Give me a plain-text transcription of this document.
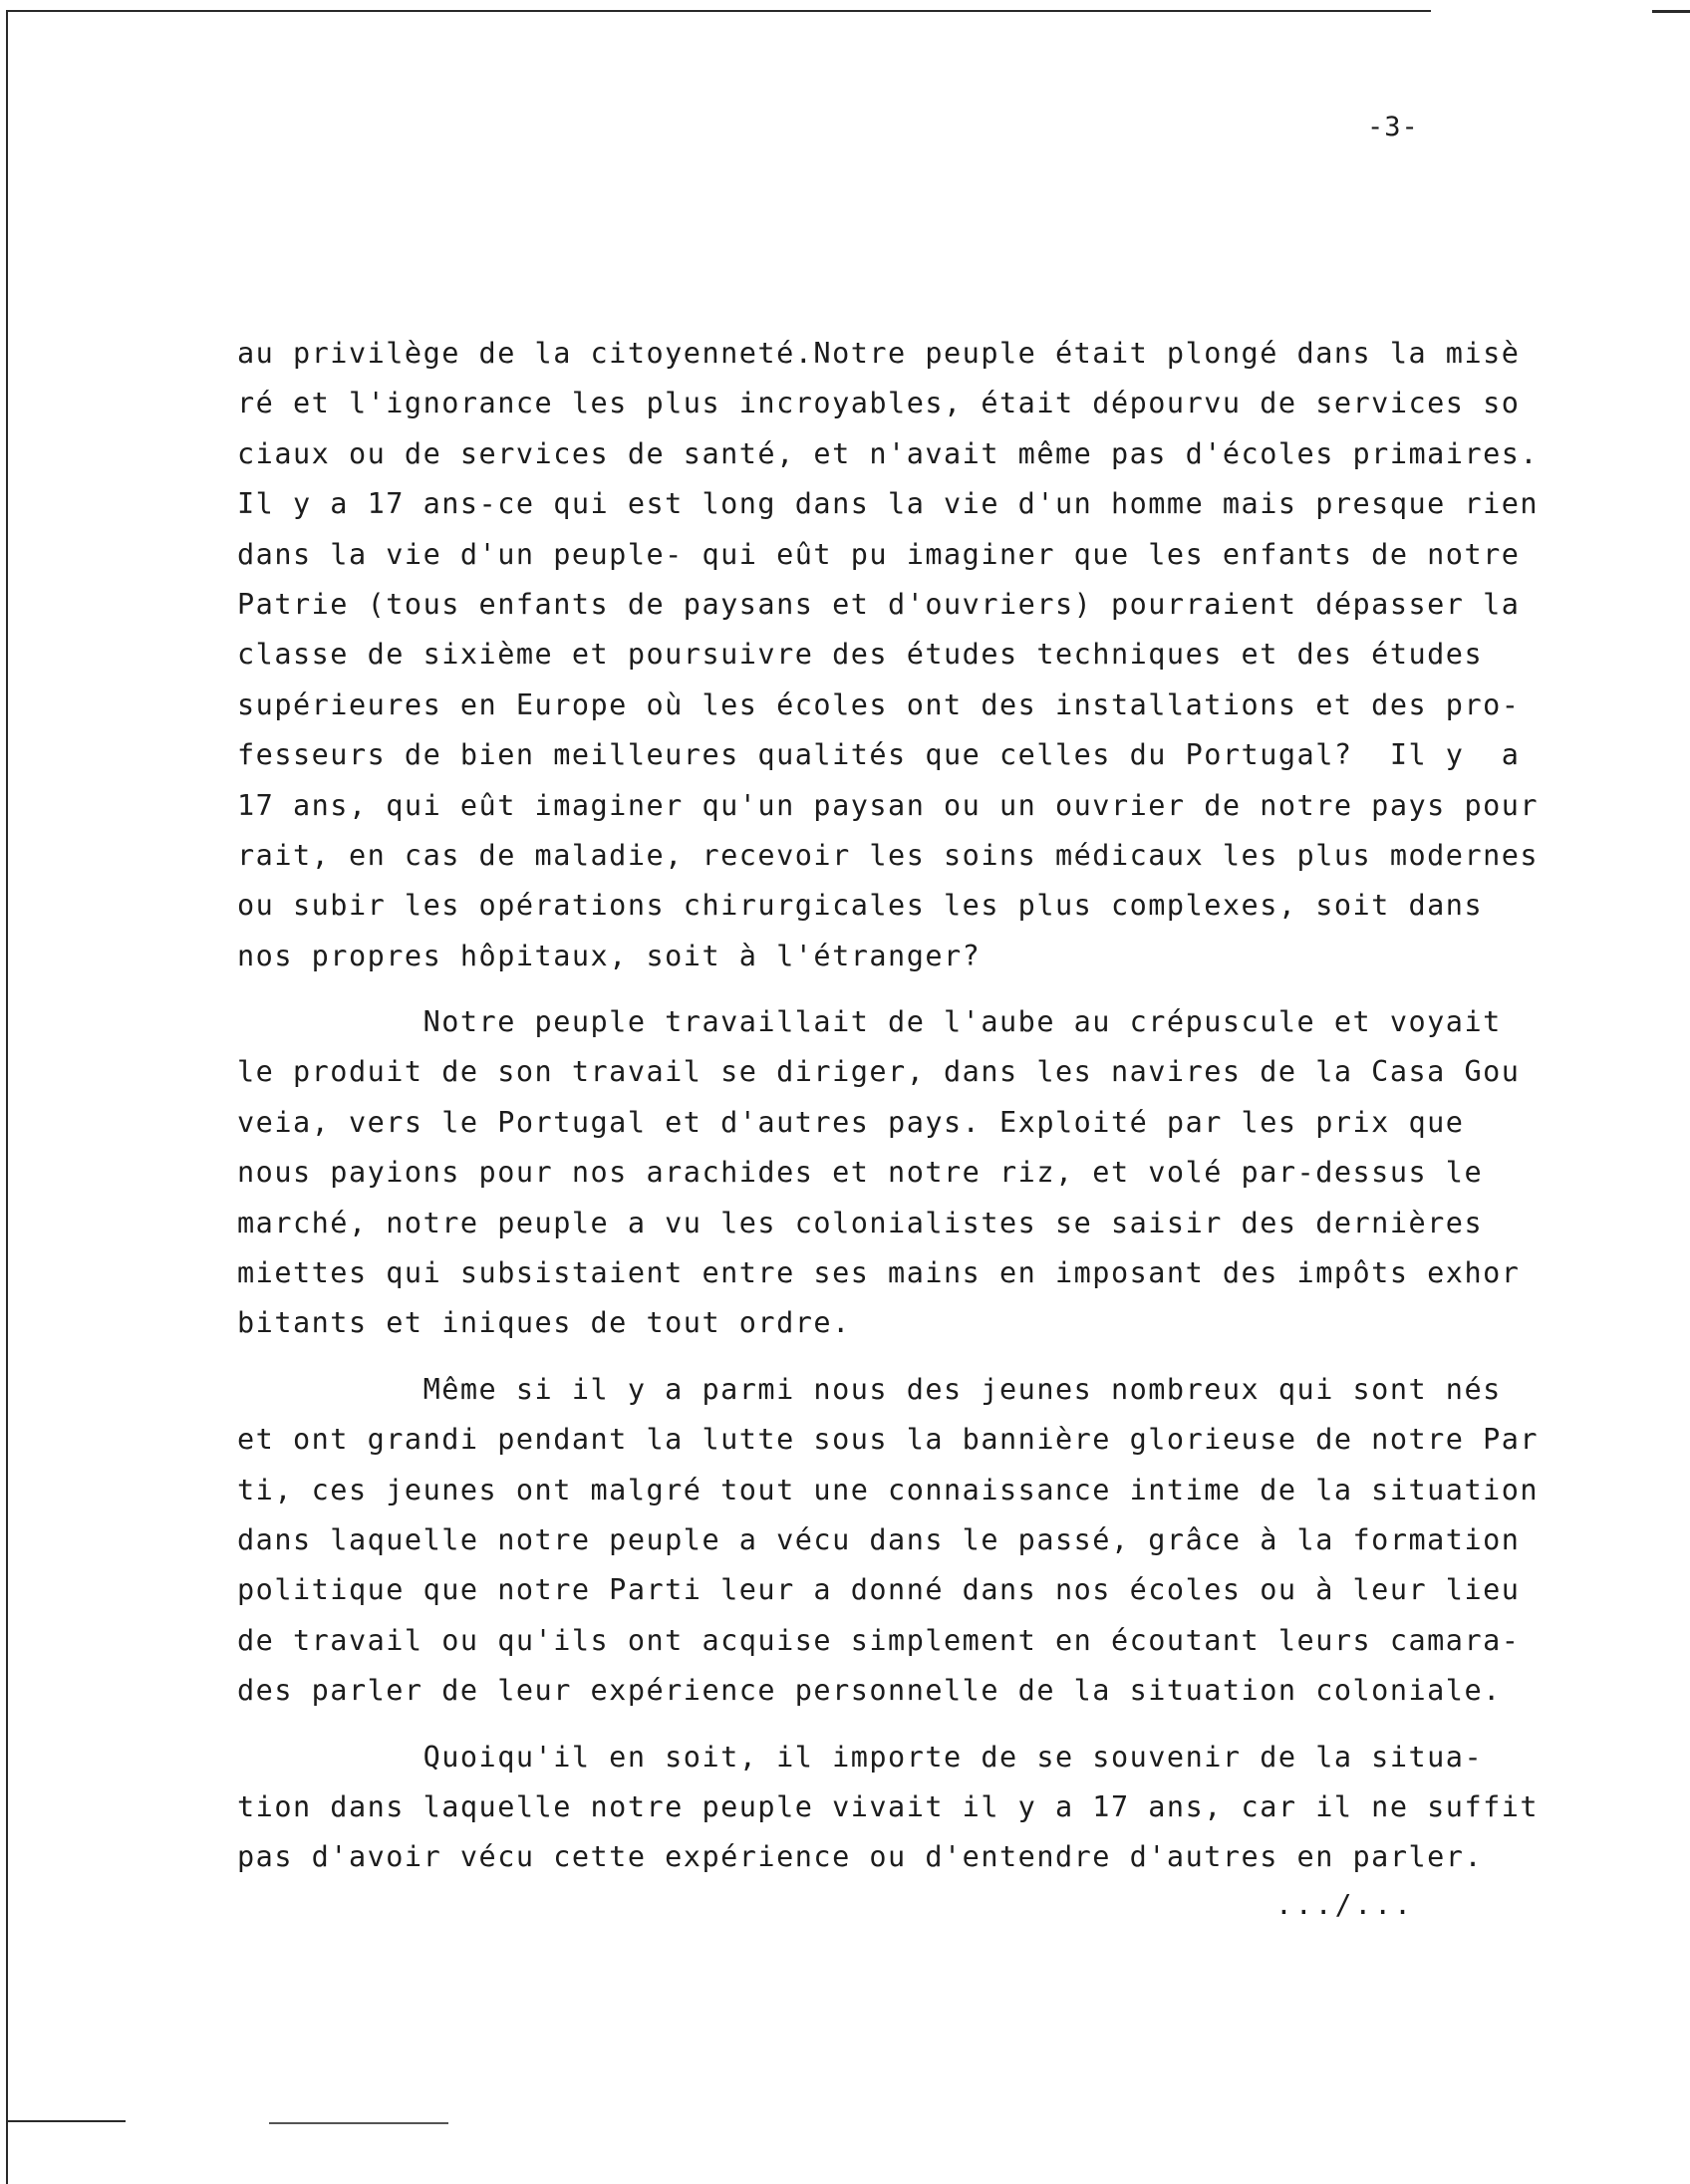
-3-
au privilège de la citoyenneté.Notre peuple était plongé dans la misè
ré et l'ignorance les plus incroyables, était dépourvu de services so
ciaux ou de services de santé, et n'avait même pas d'écoles primaires.
Il y a 17 ans-ce qui est long dans la vie d'un homme mais presque rien
dans la vie d'un peuple- qui eût pu imaginer que les enfants de notre
Patrie (tous enfants de paysans et d'ouvriers) pourraient dépasser la
classe de sixième et poursuivre des études techniques et des études
supérieures en Europe où les écoles ont des installations et des pro-
fesseurs de bien meilleures qualités que celles du Portugal?  Il y  a
17 ans, qui eût imaginer qu'un paysan ou un ouvrier de notre pays pour
rait, en cas de maladie, recevoir les soins médicaux les plus modernes
ou subir les opérations chirurgicales les plus complexes, soit dans
nos propres hôpitaux, soit à l'étranger?
Notre peuple travaillait de l'aube au crépuscule et voyait
le produit de son travail se diriger, dans les navires de la Casa Gou
veia, vers le Portugal et d'autres pays. Exploité par les prix que
nous payions pour nos arachides et notre riz, et volé par-dessus le
marché, notre peuple a vu les colonialistes se saisir des dernières
miettes qui subsistaient entre ses mains en imposant des impôts exhor
bitants et iniques de tout ordre.
Même si il y a parmi nous des jeunes nombreux qui sont nés
et ont grandi pendant la lutte sous la bannière glorieuse de notre Par
ti, ces jeunes ont malgré tout une connaissance intime de la situation
dans laquelle notre peuple a vécu dans le passé, grâce à la formation
politique que notre Parti leur a donné dans nos écoles ou à leur lieu
de travail ou qu'ils ont acquise simplement en écoutant leurs camara-
des parler de leur expérience personnelle de la situation coloniale.
Quoiqu'il en soit, il importe de se souvenir de la situa-
tion dans laquelle notre peuple vivait il y a 17 ans, car il ne suffit
pas d'avoir vécu cette expérience ou d'entendre d'autres en parler.
.../...
